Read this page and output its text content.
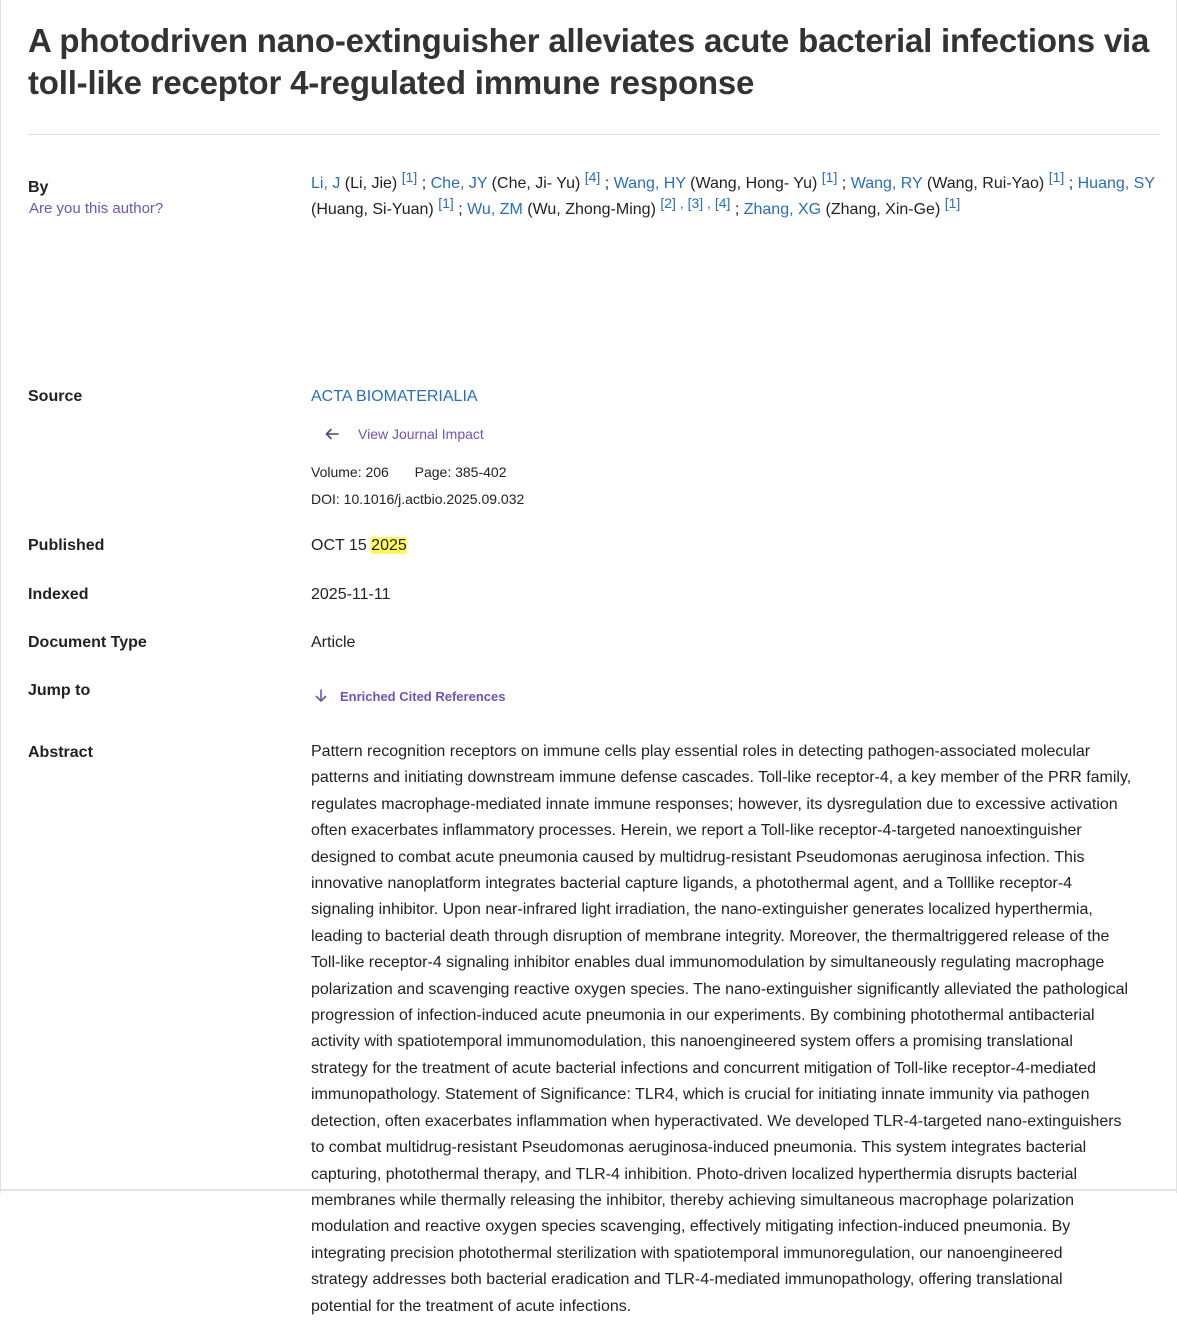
A photodriven nano-extinguisher alleviates acute bacterial infections via toll-like receptor 4-regulated immune response
By
Are you this author?
Li, J (Li, Jie) [1] ; Che, JY (Che, Ji- Yu) [4] ; Wang, HY (Wang, Hong- Yu) [1] ; Wang, RY (Wang, Rui-Yao) [1] ; Huang, SY (Huang, Si-Yuan) [1] ; Wu, ZM (Wu, Zhong-Ming) [2] , [3] , [4] ; Zhang, XG (Zhang, Xin-Ge) [1]
Source	ACTA BIOMATERIALIA
View Journal Impact
Volume: 206 Page: 385-402
DOI: 10.1016/j.actbio.2025.09.032
Published	OCT 15 2025
Indexed	2025-11-11
Document Type	Article
Jump to	Enriched Cited References
Abstract	Pattern recognition receptors on immune cells play essential roles in detecting pathogen-associated molecular
patterns and initiating downstream immune defense cascades. Toll-like receptor-4, a key member of the PRR family,
regulates macrophage-mediated innate immune responses; however, its dysregulation due to excessive activation
often exacerbates inflammatory processes. Herein, we report a Toll-like receptor-4-targeted nanoextinguisher
designed to combat acute pneumonia caused by multidrug-resistant Pseudomonas aeruginosa infection. This
innovative nanoplatform integrates bacterial capture ligands, a photothermal agent, and a Tolllike receptor-4
signaling inhibitor. Upon near-infrared light irradiation, the nano-extinguisher generates localized hyperthermia,
leading to bacterial death through disruption of membrane integrity. Moreover, the thermaltriggered release of the
Toll-like receptor-4 signaling inhibitor enables dual immunomodulation by simultaneously regulating macrophage
polarization and scavenging reactive oxygen species. The nano-extinguisher significantly alleviated the pathological
progression of infection-induced acute pneumonia in our experiments. By combining photothermal antibacterial
activity with spatiotemporal immunomodulation, this nanoengineered system offers a promising translational
strategy for the treatment of acute bacterial infections and concurrent mitigation of Toll-like receptor-4-mediated
immunopathology. Statement of Significance: TLR4, which is crucial for initiating innate immunity via pathogen
detection, often exacerbates inflammation when hyperactivated. We developed TLR-4-targeted nano-extinguishers
to combat multidrug-resistant Pseudomonas aeruginosa-induced pneumonia. This system integrates bacterial
capturing, photothermal therapy, and TLR-4 inhibition. Photo-driven localized hyperthermia disrupts bacterial
membranes while thermally releasing the inhibitor, thereby achieving simultaneous macrophage polarization
modulation and reactive oxygen species scavenging, effectively mitigating infection-induced pneumonia. By
integrating precision photothermal sterilization with spatiotemporal immunoregulation, our nanoengineered
strategy addresses both bacterial eradication and TLR-4-mediated immunopathology, offering translational
potential for the treatment of acute infections.
